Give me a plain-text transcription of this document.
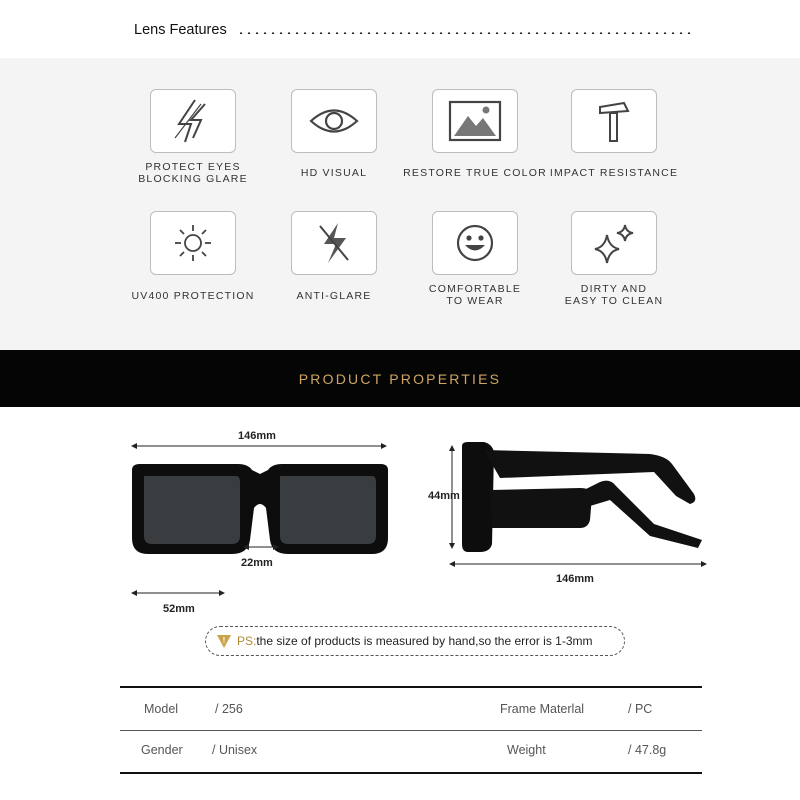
Lens Features
PROTECT EYES
BLOCKING GLARE	HD VISUAL	RESTORE TRUE COLOR IMPACT RESISTANCE
UV400 PROTECTION	ANTI-GLARE
COMFORTABLE
TO WEAR
DIRTY AND
EASY TO CLEAN
PRODUCT PROPERTIES
146mm
22mm
52mm
44mm
146mm
! PS:the size of products is measured by hand,so the error is 1-3mm
Model	/ 256	Frame Materlal	/ PC
Gender / Unisex	Weight	/ 47.8g
